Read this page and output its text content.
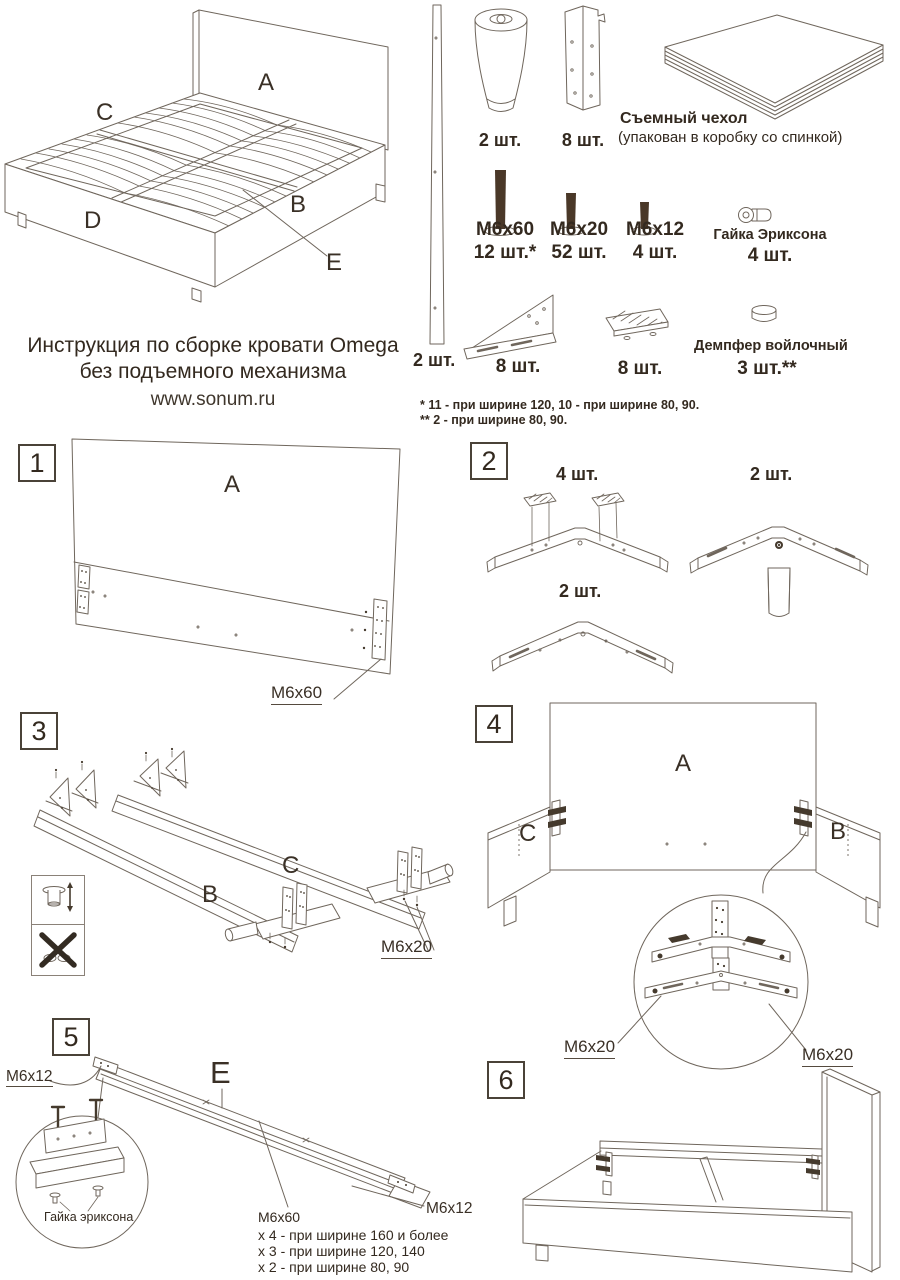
A
C
D
B
E
Инструкция по сборке кровати Omega
без подъемного механизма
www.sonum.ru
2 шт.
2 шт.	8 шт.
Съемный чехол
(упакован в коробку со спинкой)
M6x60
12 шт.*
M6x20
52 шт.
M6x12
4 шт.
Гайка Эриксона
4 шт.
8 шт.	8 шт.
Демпфер войлочный
3 шт.**
* 11 - при ширине 120, 10 - при ширине 80, 90.
** 2 - при ширине 80, 90.
1
A
M6x60
2	4 шт.	2 шт.
2 шт.
3
C
B
M6x20
4
A
C	B
M6x20	M6x20
5
M6x12	E
Гайка эриксона	M6x12
M6x60
x 4 - при ширине 160 и более
x 3 - при ширине 120, 140
x 2 - при ширине 80, 90
6
